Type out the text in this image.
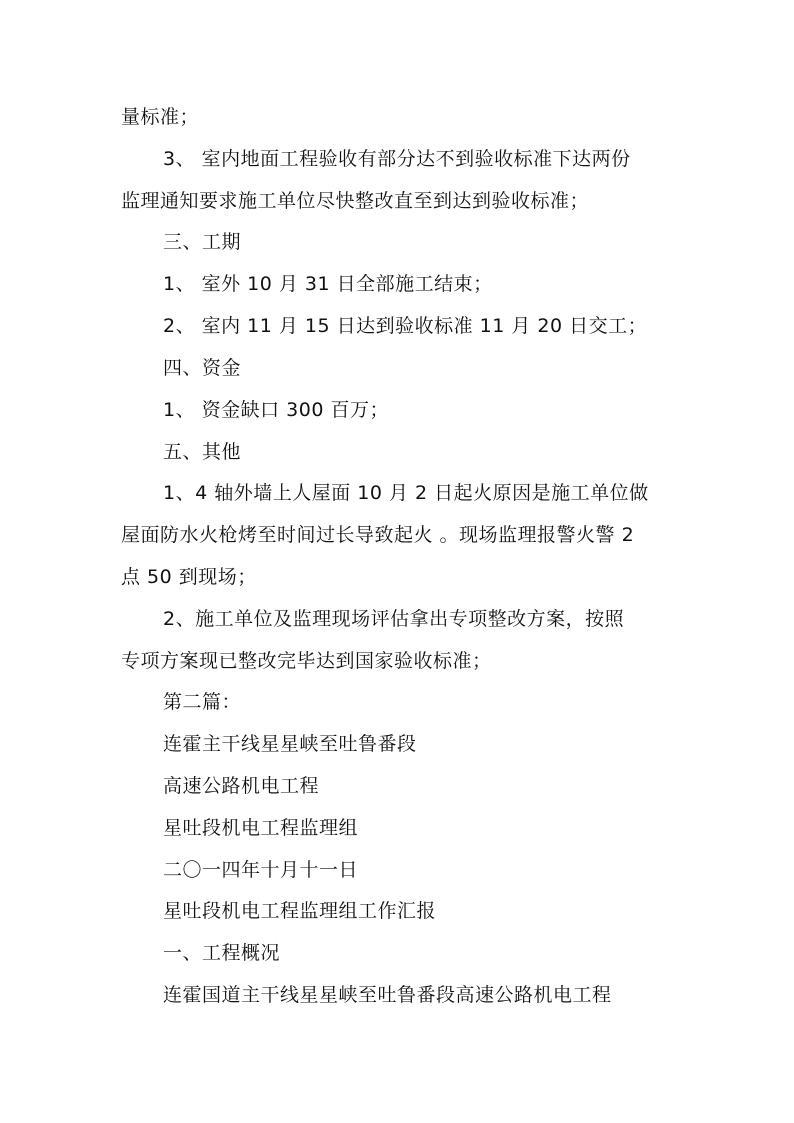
量标准；
3、 室内地面工程验收有部分达不到验收标准下达两份
监理通知要求施工单位尽快整改直至到达到验收标准；
三、工期
1、 室外 10 月 31 日全部施工结束；
2、 室内 11 月 15 日达到验收标准 11 月 20 日交工；
四、资金
1、 资金缺口 300 百万；
五、其他
1、4 轴外墙上人屋面 10 月 2 日起火原因是施工单位做
屋面防水火枪烤至时间过长导致起火 。现场监理报警火警 2
点 50 到现场；
2、施工单位及监理现场评估拿出专项整改方案，按照
专项方案现已整改完毕达到国家验收标准；
第二篇：
连霍主干线星星峡至吐鲁番段
高速公路机电工程
星吐段机电工程监理组
二〇一四年十月十一日
星吐段机电工程监理组工作汇报
一、工程概况
连霍国道主干线星星峡至吐鲁番段高速公路机电工程
